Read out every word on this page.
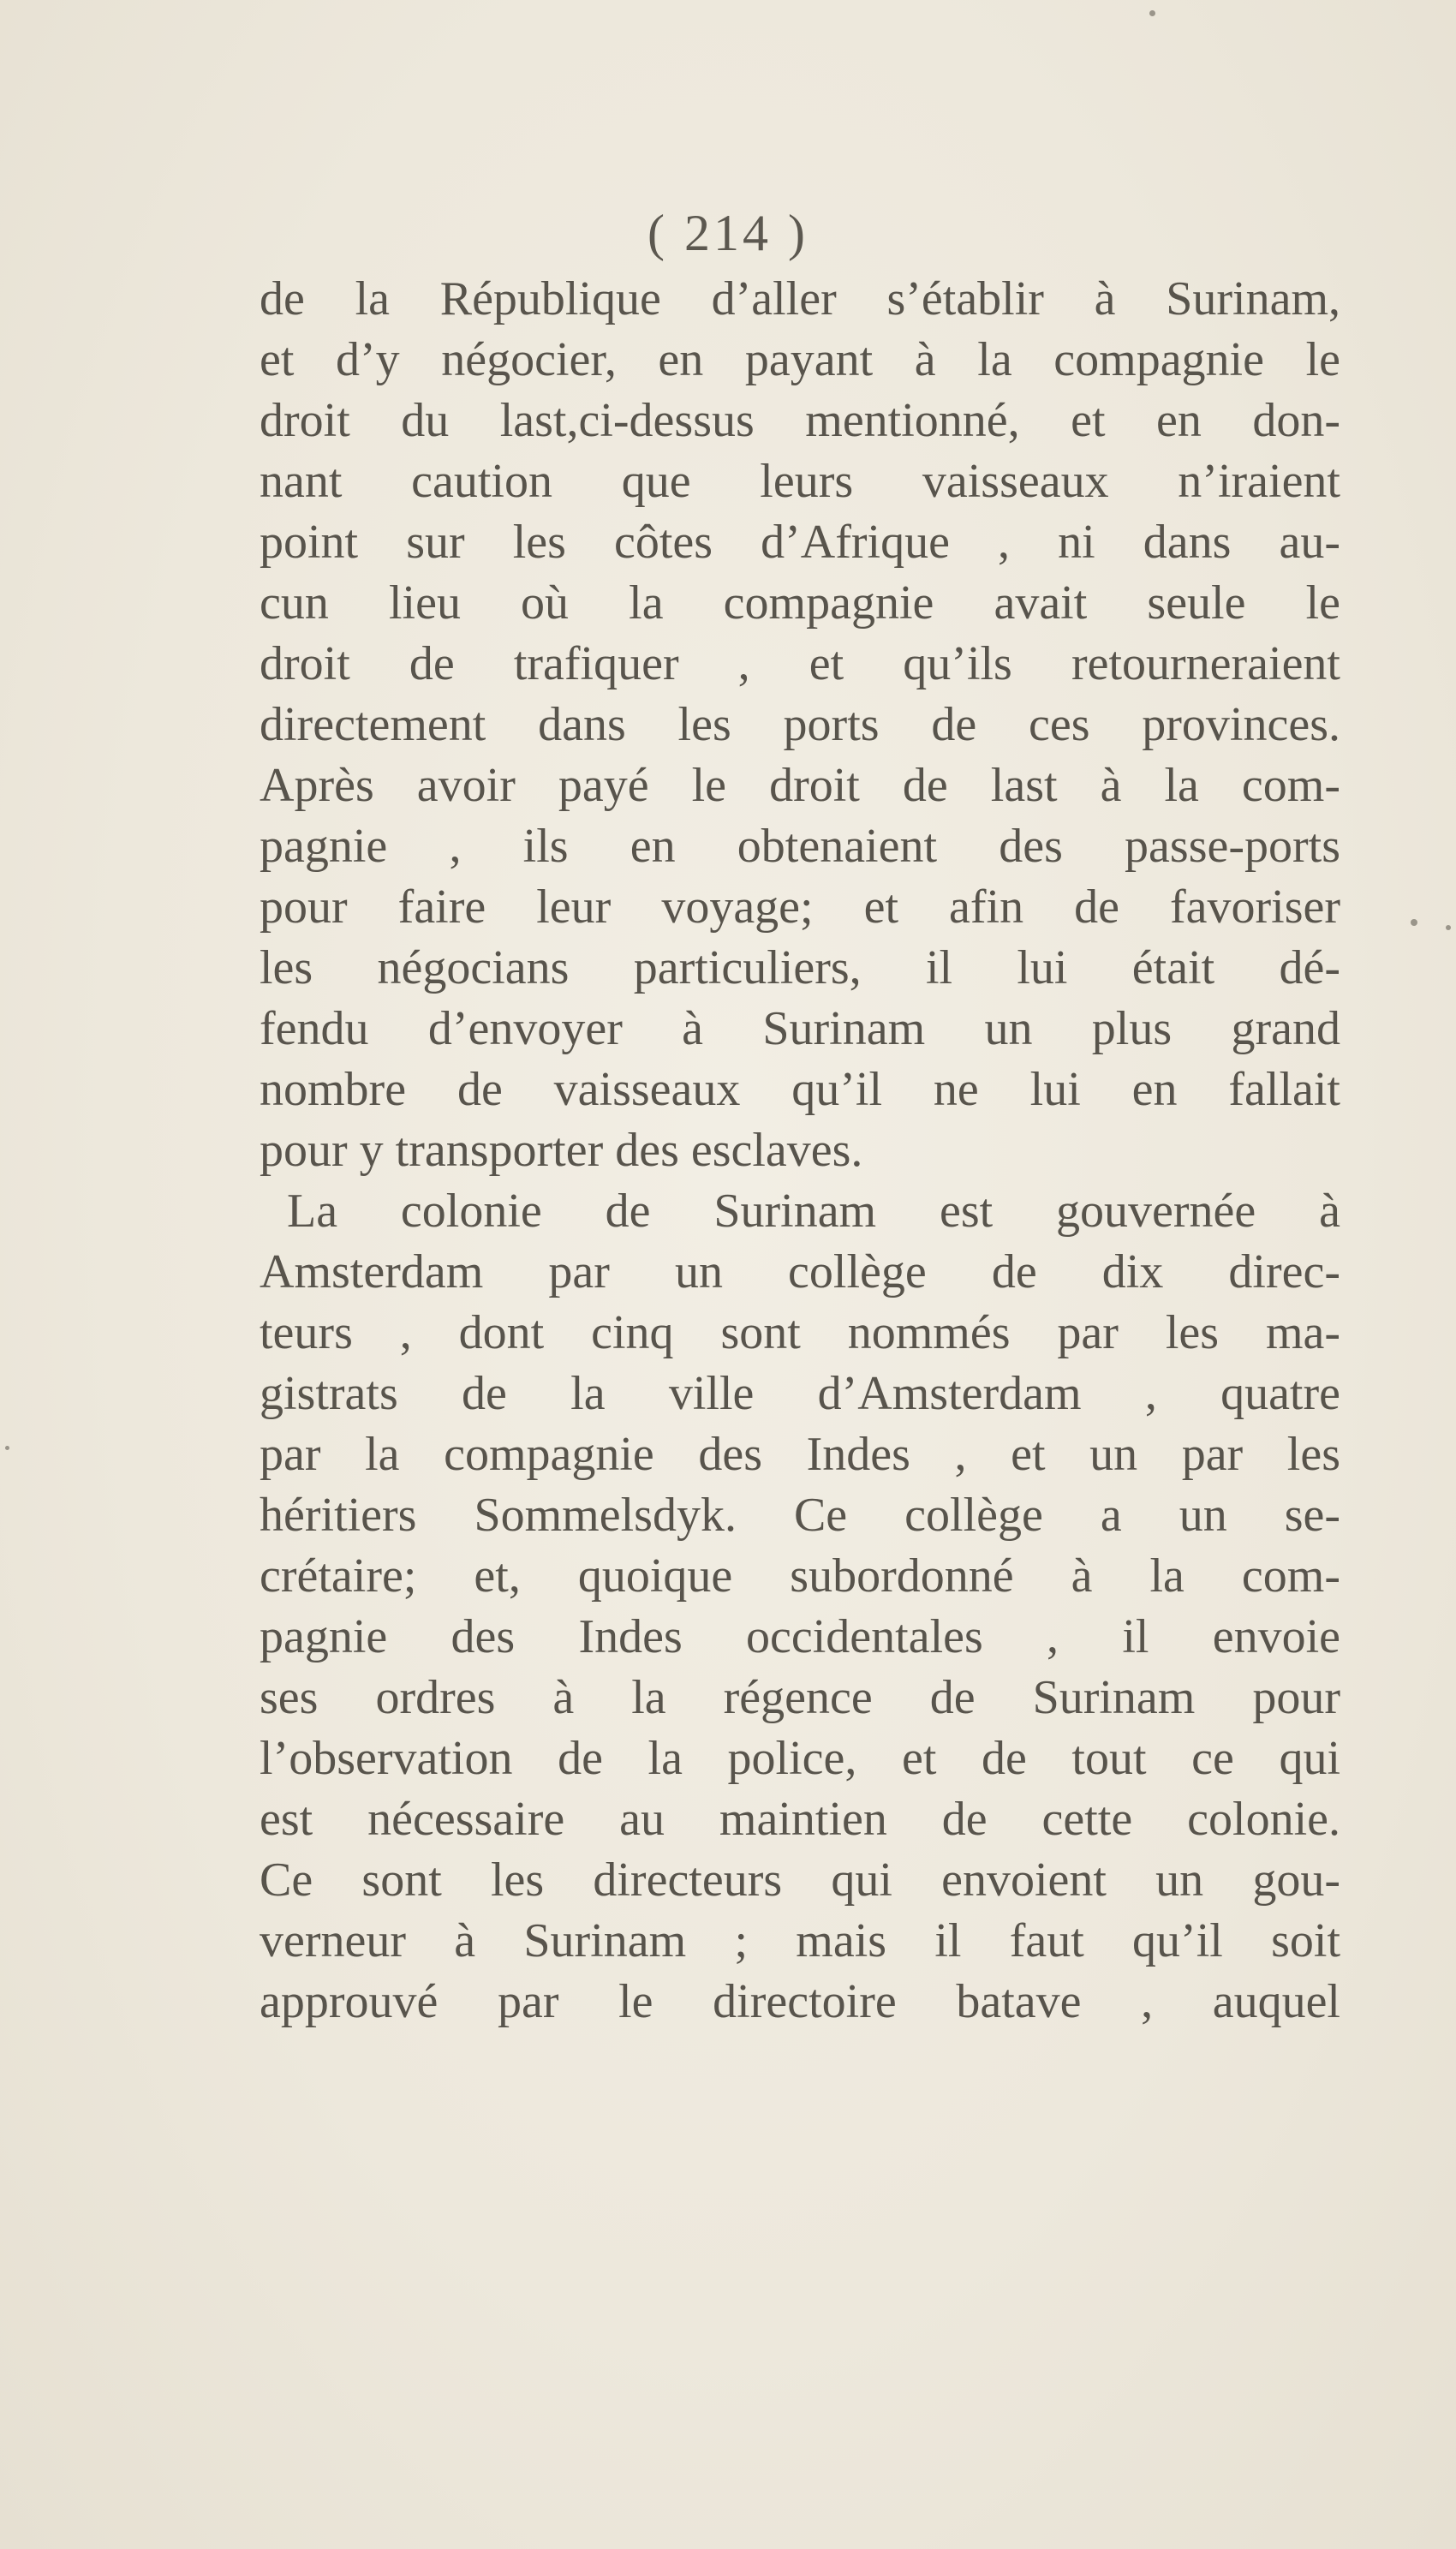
( 214 )
de la République d’aller s’établir à Surinam,
et d’y négocier, en payant à la compagnie le
droit du last,ci-dessus mentionné, et en don-
nant caution que leurs vaisseaux n’iraient
point sur les côtes d’Afrique , ni dans au-
cun lieu où la compagnie avait seule le
droit de trafiquer , et qu’ils retourneraient
directement dans les ports de ces provinces.
Après avoir payé le droit de last à la com-
pagnie , ils en obtenaient des passe-ports
pour faire leur voyage; et afin de favoriser
les négocians particuliers, il lui était dé-
fendu d’envoyer à Surinam un plus grand
nombre de vaisseaux qu’il ne lui en fallait
pour y transporter des esclaves.
La colonie de Surinam est gouvernée à
Amsterdam par un collège de dix direc-
teurs , dont cinq sont nommés par les ma-
gistrats de la ville d’Amsterdam , quatre
par la compagnie des Indes , et un par les
héritiers Sommelsdyk. Ce collège a un se-
crétaire; et, quoique subordonné à la com-
pagnie des Indes occidentales , il envoie
ses ordres à la régence de Surinam pour
l’observation de la police, et de tout ce qui
est nécessaire au maintien de cette colonie.
Ce sont les directeurs qui envoient un gou-
verneur à Surinam ; mais il faut qu’il soit
approuvé par le directoire batave , auquel
